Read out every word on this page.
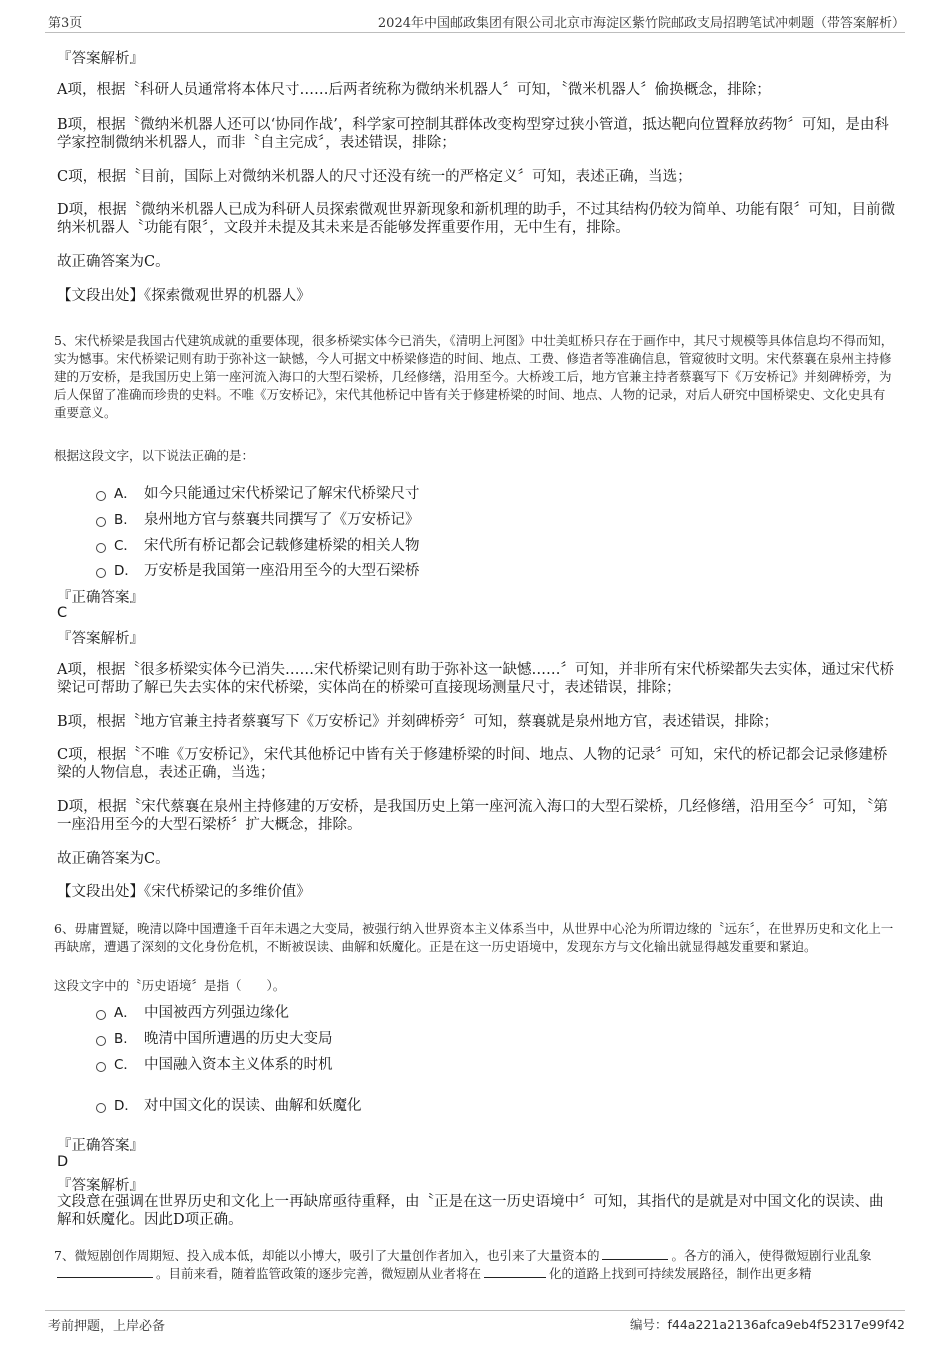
第3页	2024年中国邮政集团有限公司北京市海淀区紫竹院邮政支局招聘笔试冲刺题（带答案解析）
『答案解析』
A项，根据〝科研人员通常将本体尺寸……后两者统称为微纳米机器人〞可知，〝微米机器人〞偷换概念，排除；
B项，根据〝微纳米机器人还可以‘协同作战’，科学家可控制其群体改变构型穿过狭小管道，抵达靶向位置释放药物〞可知，是由科学家控制微纳米机器人，而非〝自主完成〞，表述错误，排除；
C项，根据〝目前，国际上对微纳米机器人的尺寸还没有统一的严格定义〞可知，表述正确，当选；
D项，根据〝微纳米机器人已成为科研人员探索微观世界新现象和新机理的助手，不过其结构仍较为简单、功能有限〞可知，目前微纳米机器人〝功能有限〞，文段并未提及其未来是否能够发挥重要作用，无中生有，排除。
故正确答案为C。
【文段出处】《探索微观世界的机器人》
5、宋代桥梁是我国古代建筑成就的重要体现，很多桥梁实体今已消失，《清明上河图》中壮美虹桥只存在于画作中，其尺寸规模等具体信息均不得而知，实为憾事。宋代桥梁记则有助于弥补这一缺憾，今人可据文中桥梁修造的时间、地点、工费、修造者等准确信息，管窥彼时文明。宋代蔡襄在泉州主持修建的万安桥，是我国历史上第一座河流入海口的大型石梁桥，几经修缮，沿用至今。大桥竣工后，地方官兼主持者蔡襄写下《万安桥记》并刻碑桥旁，为后人保留了准确而珍贵的史料。不唯《万安桥记》，宋代其他桥记中皆有关于修建桥梁的时间、地点、人物的记录，对后人研究中国桥梁史、文化史具有重要意义。
根据这段文字，以下说法正确的是：
A． 如今只能通过宋代桥梁记了解宋代桥梁尺寸
B. 泉州地方官与蔡襄共同撰写了《万安桥记》
C． 宋代所有桥记都会记载修建桥梁的相关人物
D． 万安桥是我国第一座沿用至今的大型石梁桥
『正确答案』
C
『答案解析』
A项，根据〝很多桥梁实体今已消失……宋代桥梁记则有助于弥补这一缺憾……〞可知，并非所有宋代桥梁都失去实体，通过宋代桥梁记可帮助了解已失去实体的宋代桥梁，实体尚在的桥梁可直接现场测量尺寸，表述错误，排除；
B项，根据〝地方官兼主持者蔡襄写下《万安桥记》并刻碑桥旁〞可知，蔡襄就是泉州地方官，表述错误，排除；
C项，根据〝不唯《万安桥记》，宋代其他桥记中皆有关于修建桥梁的时间、地点、人物的记录〞可知，宋代的桥记都会记录修建桥梁的人物信息，表述正确，当选；
D项，根据〝宋代蔡襄在泉州主持修建的万安桥，是我国历史上第一座河流入海口的大型石梁桥，几经修缮，沿用至今〞可知，〝第一座沿用至今的大型石梁桥〞扩大概念，排除。
故正确答案为C。
【文段出处】《宋代桥梁记的多维价值》
6、毋庸置疑，晚清以降中国遭逢千百年未遇之大变局，被强行纳入世界资本主义体系当中，从世界中心沦为所谓边缘的〝远东〞，在世界历史和文化上一再缺席，遭遇了深刻的文化身份危机，不断被误读、曲解和妖魔化。正是在这一历史语境中，发现东方与文化输出就显得越发重要和紧迫。
这段文字中的〝历史语境〞是指（　　）。
A． 中国被西方列强边缘化
B. 晚清中国所遭遇的历史大变局
C． 中国融入资本主义体系的时机
D． 对中国文化的误读、曲解和妖魔化
『正确答案』
D
『答案解析』
文段意在强调在世界历史和文化上一再缺席亟待重释，由〝正是在这一历史语境中〞可知，其指代的是就是对中国文化的误读、曲解和妖魔化。因此D项正确。
7、微短剧创作周期短、投入成本低，却能以小博大，吸引了大量创作者加入，也引来了大量资本的	。各方的涌入，使得微短剧行业乱象。目前来看，随着监管政策的逐步完善，微短剧从业者将在	化的道路上找到可持续发展路径，制作出更多精
考前押题，上岸必备	编号：f44a221a2136afca9eb4f52317e99f42
